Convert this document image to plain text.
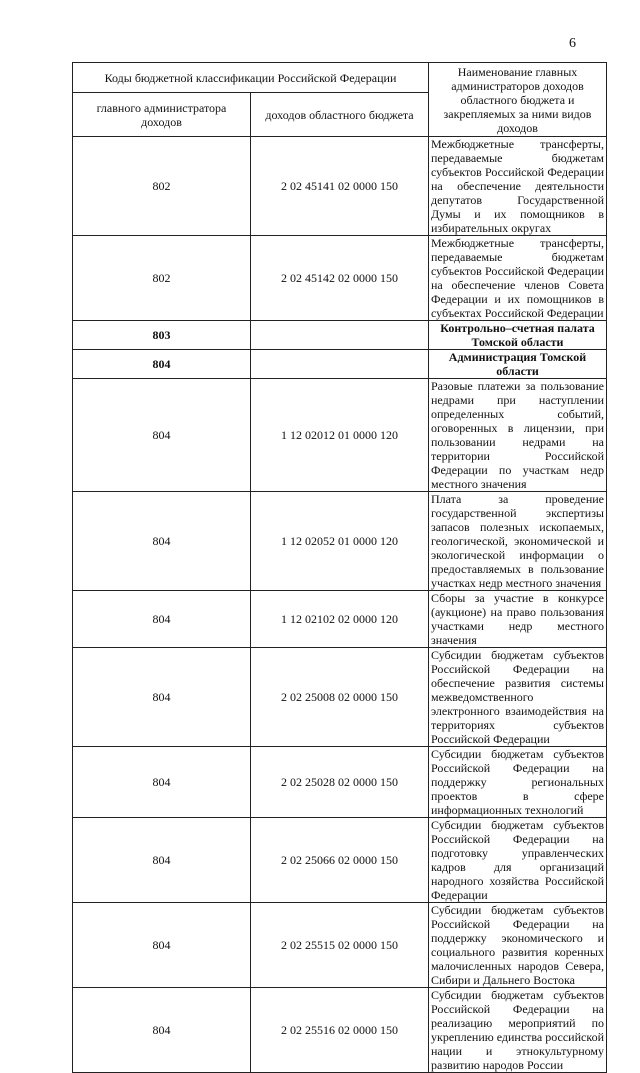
6
Коды бюджетной классификации Российской Федерации		Наименование главных администраторов доходов областного бюджета и закрепляемых за ними видов доходов
главного администратора доходов	доходов областного бюджета	
802	2 02 45141 02 0000 150	Межбюджетные трансферты, передаваемые бюджетам субъектов Российской Федерации на обеспечение деятельности депутатов Государственной Думы и их помощников в избирательных округах
802	2 02 45142 02 0000 150	Межбюджетные трансферты, передаваемые бюджетам субъектов Российской Федерации на обеспечение членов Совета Федерации и их помощников в субъектах Российской Федерации
803		Контрольно–счетная палата Томской области
804		Администрация Томской области
804	1 12 02012 01 0000 120	Разовые платежи за пользование недрами при наступлении определенных событий, оговоренных в лицензии, при пользовании недрами на территории Российской Федерации по участкам недр местного значения
804	1 12 02052 01 0000 120	Плата за проведение государственной экспертизы запасов полезных ископаемых, геологической, экономической и экологической информации о предоставляемых в пользование участках недр местного значения
804	1 12 02102 02 0000 120	Сборы за участие в конкурсе (аукционе) на право пользования участками недр местного значения
804	2 02 25008 02 0000 150	Субсидии бюджетам субъектов Российской Федерации на обеспечение развития системы межведомственного электронного взаимодействия на территориях субъектов Российской Федерации
804	2 02 25028 02 0000 150	Субсидии бюджетам субъектов Российской Федерации на поддержку региональных проектов в сфере информационных технологий
804	2 02 25066 02 0000 150	Субсидии бюджетам субъектов Российской Федерации на подготовку управленческих кадров для организаций народного хозяйства Российской Федерации
804	2 02 25515 02 0000 150	Субсидии бюджетам субъектов Российской Федерации на поддержку экономического и социального развития коренных малочисленных народов Севера, Сибири и Дальнего Востока
804	2 02 25516 02 0000 150	Субсидии бюджетам субъектов Российской Федерации на реализацию мероприятий по укреплению единства российской нации и этнокультурному развитию народов России
